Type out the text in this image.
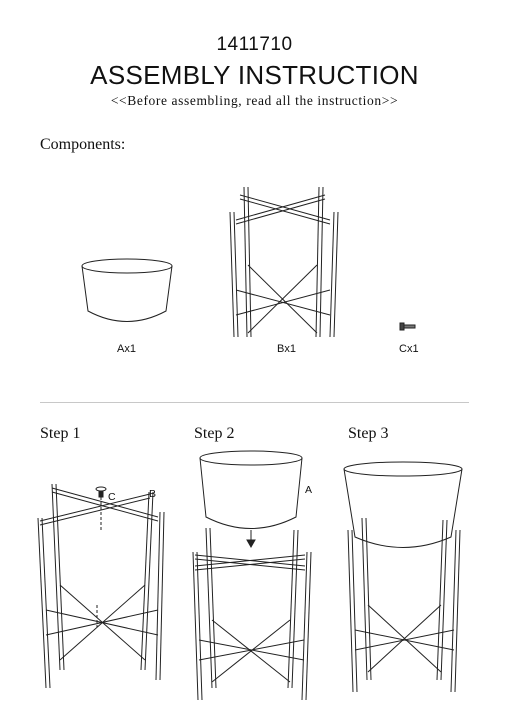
1411710
ASSEMBLY INSTRUCTION
<<Before assembling, read all the instruction>>
Components:
Ax1	Bx1	Cx1
Step 1	Step 2	Step 3
C	B	A
